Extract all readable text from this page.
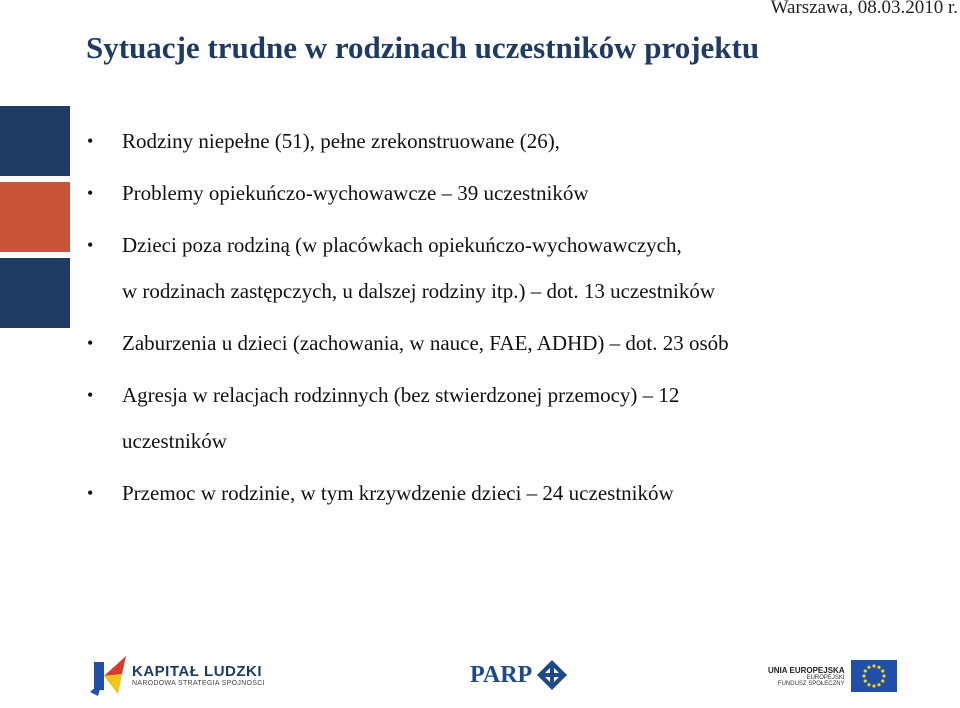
Warszawa, 08.03.2010 r.
Sytuacje trudne w rodzinach uczestników projektu
• Rodziny niepełne (51), pełne zrekonstruowane (26),
• Problemy opiekuńczo-wychowawcze – 39 uczestników
• Dzieci poza rodziną (w placówkach opiekuńczo-wychowawczych,
w rodzinach zastępczych, u dalszej rodziny itp.) – dot. 13 uczestników
• Zaburzenia u dzieci (zachowania, w nauce, FAE, ADHD) – dot. 23 osób
• Agresja w relacjach rodzinnych (bez stwierdzonej przemocy) – 12
uczestników
• Przemoc w rodzinie, w tym krzywdzenie dzieci – 24 uczestników
KAPITAŁ LUDZKI
NARODOWA STRATEGIA SPÓJNOŚCI	PARP	UNIA EUROPEJSKA
EUROPEJSKI
FUNDUSZ SPOŁECZNY
